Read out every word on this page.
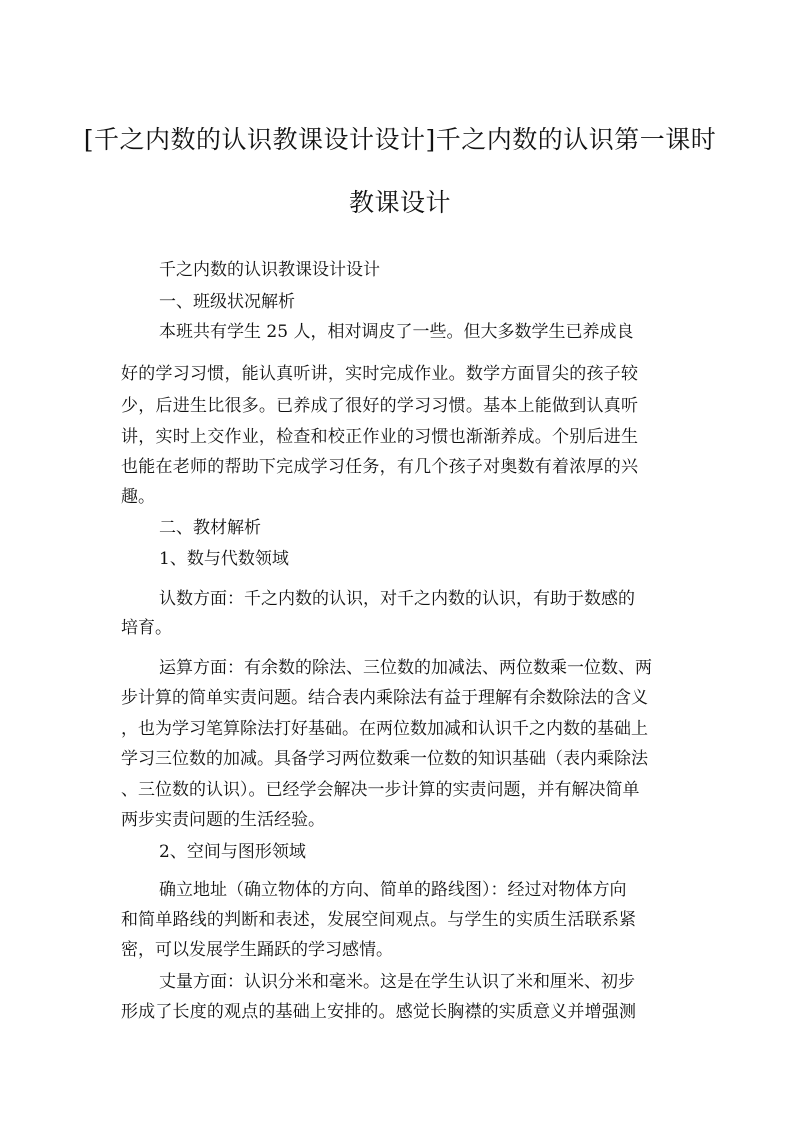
[千之内数的认识教课设计设计]千之内数的认识第一课时
教课设计
千之内数的认识教课设计设计
一、班级状况解析
本班共有学生 25 人，相对调皮了一些。但大多数学生已养成良
好的学习习惯，能认真听讲，实时完成作业。数学方面冒尖的孩子较
少，后进生比很多。已养成了很好的学习习惯。基本上能做到认真听
讲，实时上交作业，检查和校正作业的习惯也渐渐养成。个别后进生
也能在老师的帮助下完成学习任务，有几个孩子对奥数有着浓厚的兴
趣。
二、教材解析
1、数与代数领域
认数方面：千之内数的认识，对千之内数的认识，有助于数感的
培育。
运算方面：有余数的除法、三位数的加减法、两位数乘一位数、两
步计算的简单实责问题。结合表内乘除法有益于理解有余数除法的含义
，也为学习笔算除法打好基础。在两位数加减和认识千之内数的基础上
学习三位数的加减。具备学习两位数乘一位数的知识基础（表内乘除法
、三位数的认识）。已经学会解决一步计算的实责问题，并有解决简单
两步实责问题的生活经验。
2、空间与图形领域
确立地址（确立物体的方向、简单的路线图）：经过对物体方向
和简单路线的判断和表述，发展空间观点。与学生的实质生活联系紧
密，可以发展学生踊跃的学习感情。
丈量方面：认识分米和毫米。这是在学生认识了米和厘米、初步
形成了长度的观点的基础上安排的。感觉长胸襟的实质意义并增强测
